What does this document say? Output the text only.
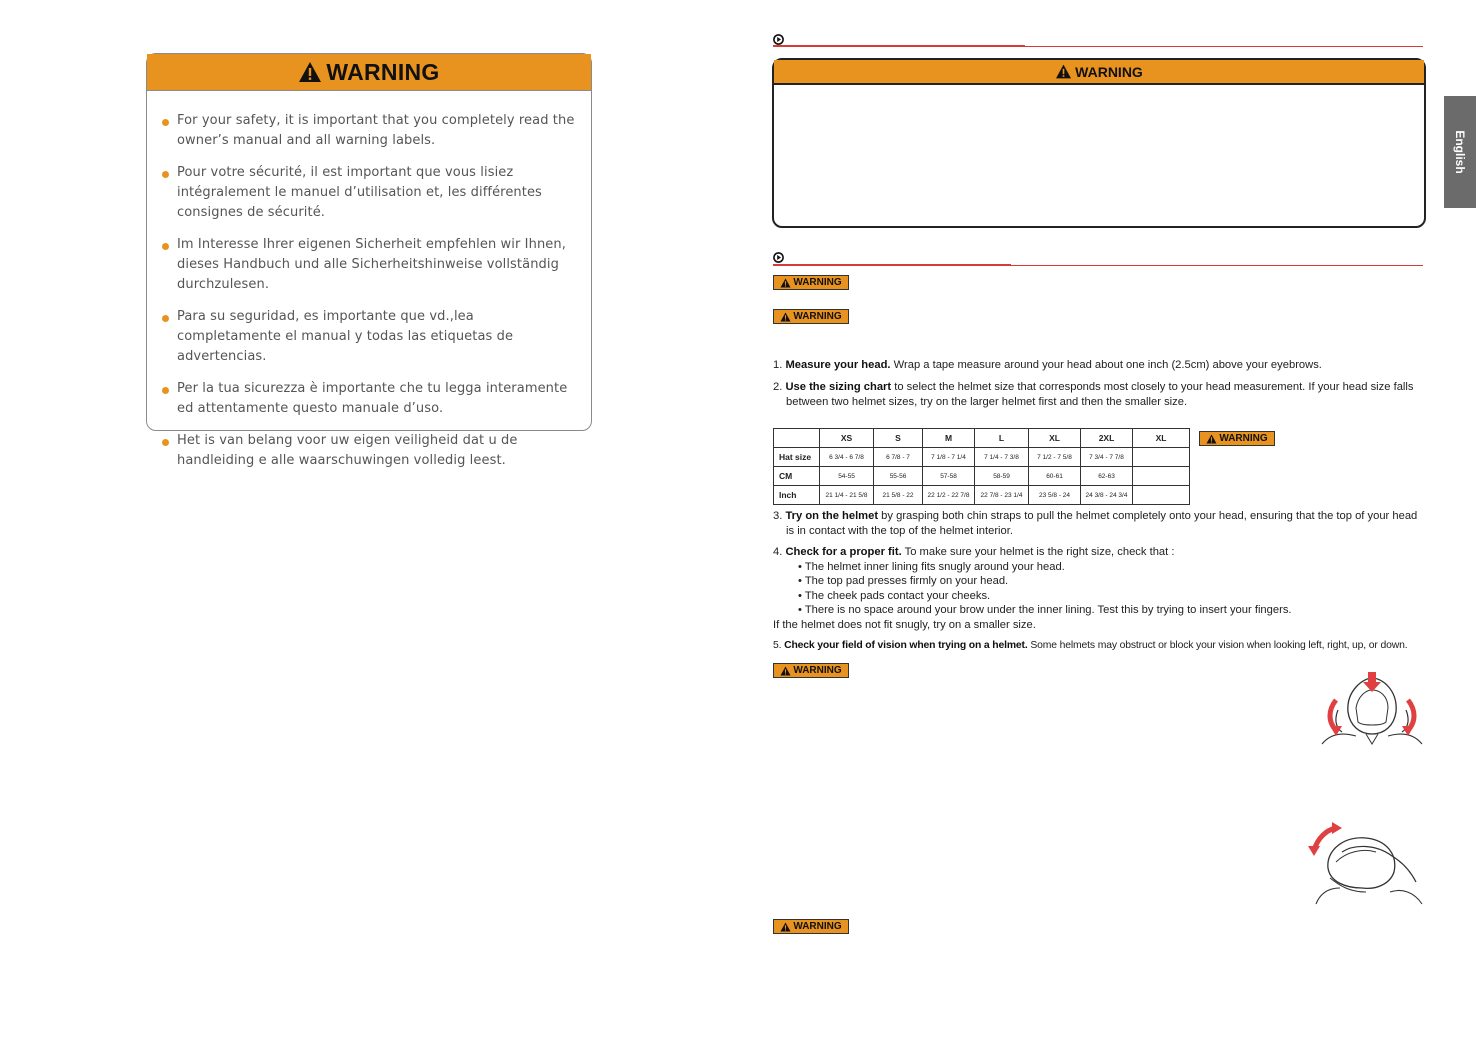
WARNING
For your safety, it is important that you completely read the owner’s manual and all warning labels.
Pour votre sécurité, il est important que vous lisiez intégralement le manuel d’utilisation et, les différentes consignes de sécurité.
Im Interesse Ihrer eigenen Sicherheit empfehlen wir Ihnen, dieses Handbuch und alle Sicherheitshinweise vollständig durchzulesen.
Para su seguridad, es importante que vd.,lea completamente el manual y todas las etiquetas de advertencias.
Per la tua sicurezza è importante che tu legga interamente ed attentamente questo manuale d’uso.
Het is van belang voor uw eigen veiligheid dat u de handleiding e alle waarschuwingen volledig leest.
WARNING
WARNING
WARNING
1. Measure your head. Wrap a tape measure around your head about one inch (2.5cm) above your eyebrows.
2. Use the sizing chart to select the helmet size that corresponds most closely to your head measurement. If your head size falls between two helmet sizes, try on the larger helmet first and then the smaller size.
	XS	S	M	L	XL	2XL	XL
Hat size	6 3/4 - 6 7/8	6 7/8 - 7	7 1/8 - 7 1/4	7 1/4 - 7 3/8	7 1/2 - 7 5/8	7 3/4 - 7 7/8	
CM	54-55	55-56	57-58	58-59	60-61	62-63	
Inch	21 1/4 - 21 5/8	21 5/8 - 22	22 1/2 - 22 7/8	22 7/8 - 23 1/4	23 5/8 - 24	24 3/8 - 24 3/4	
WARNING
3. Try on the helmet by grasping both chin straps to pull the helmet completely onto your head, ensuring that the top of your head is in contact with the top of the helmet interior.
4. Check for a proper fit. To make sure your helmet is the right size, check that :
• The helmet inner lining fits snugly around your head.
• The top pad presses firmly on your head.
• The cheek pads contact your cheeks.
• There is no space around your brow under the inner lining. Test this by trying to insert your fingers.
If the helmet does not fit snugly, try on a smaller size.
5. Check your field of vision when trying on a helmet. Some helmets may obstruct or block your vision when looking left, right, up, or down.
WARNING
WARNING
English
